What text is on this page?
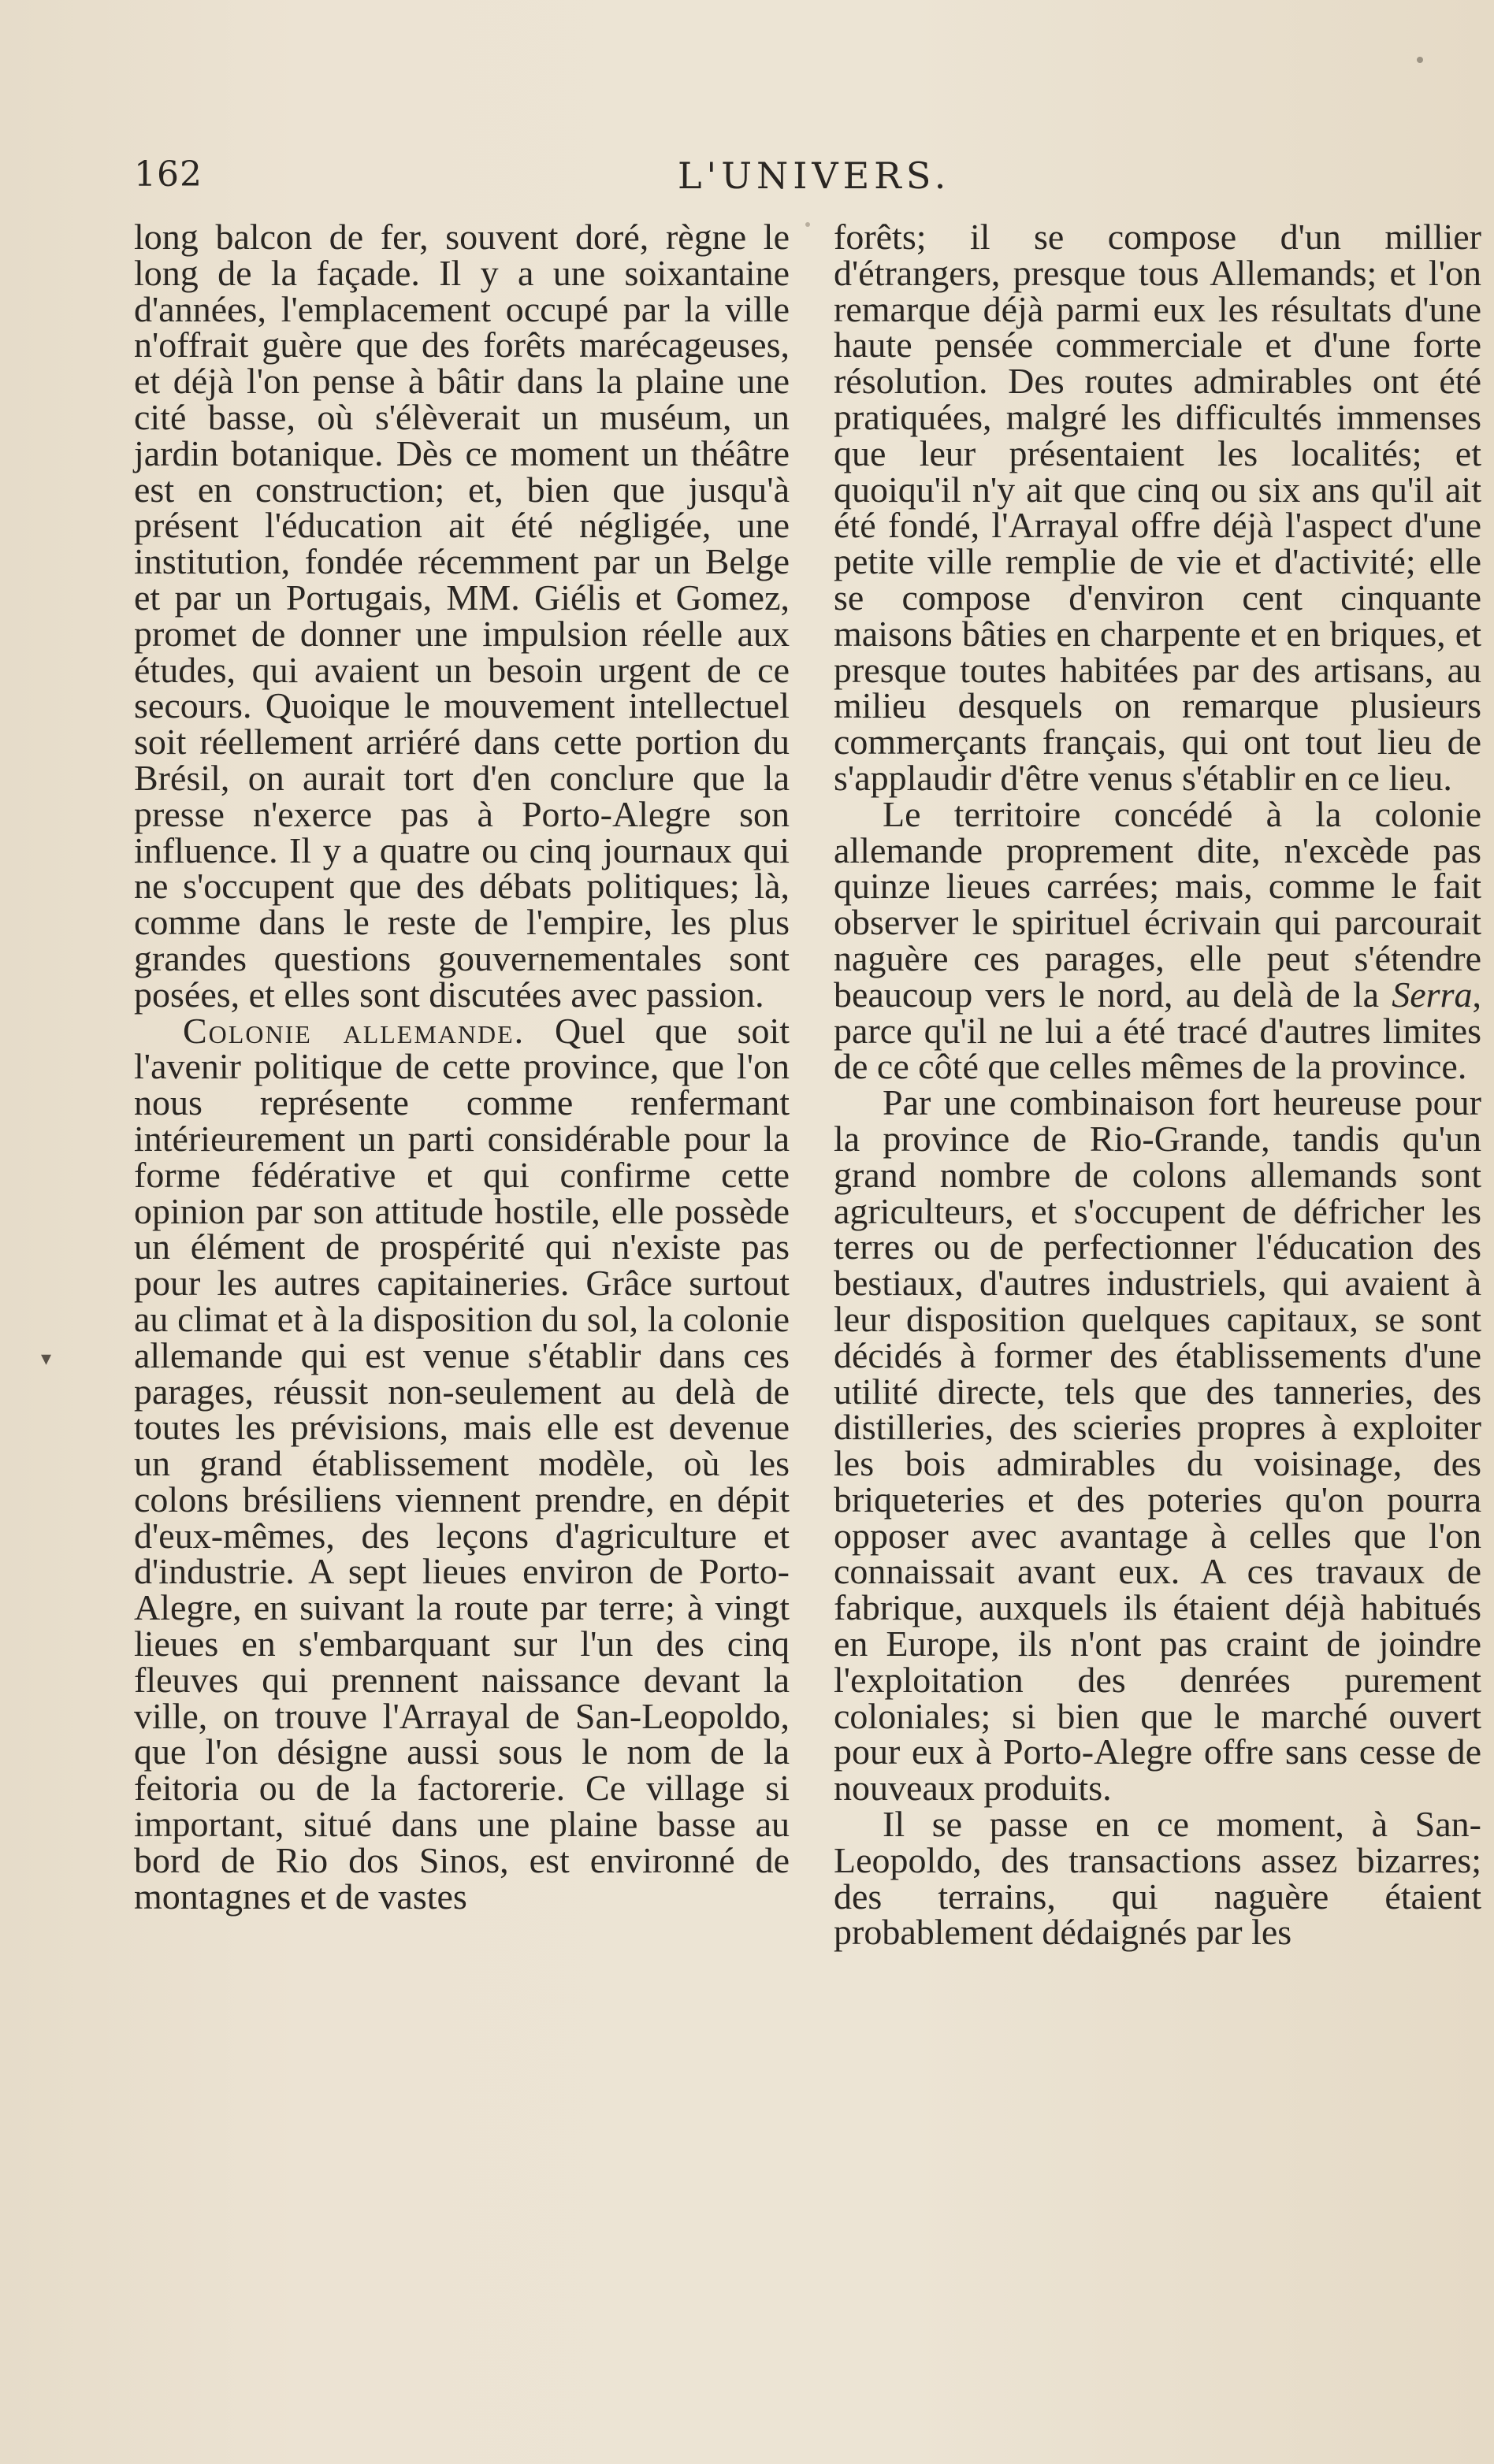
▾
162	L'UNIVERS.

long balcon de fer, souvent doré, règne le long de la façade. Il y a une soixantaine d'années, l'emplacement occupé par la ville n'offrait guère que des forêts marécageuses, et déjà l'on pense à bâtir dans la plaine une cité basse, où s'élèverait un muséum, un jardin botanique. Dès ce moment un théâtre est en construction; et, bien que jusqu'à présent l'éducation ait été négligée, une institution, fondée récemment par un Belge et par un Portugais, MM. Giélis et Gomez, promet de donner une impulsion réelle aux études, qui avaient un besoin urgent de ce secours. Quoique le mouvement intellectuel soit réellement arriéré dans cette portion du Brésil, on aurait tort d'en conclure que la presse n'exerce pas à Porto-Alegre son influence. Il y a quatre ou cinq journaux qui ne s'occupent que des débats politiques; là, comme dans le reste de l'empire, les plus grandes questions gouvernementales sont posées, et elles sont discutées avec passion.

Colonie allemande. Quel que soit l'avenir politique de cette province, que l'on nous représente comme renfermant intérieurement un parti considérable pour la forme fédérative et qui confirme cette opinion par son attitude hostile, elle possède un élément de prospérité qui n'existe pas pour les autres capitaineries. Grâce surtout au climat et à la disposition du sol, la colonie allemande qui est venue s'établir dans ces parages, réussit non-seulement au delà de toutes les prévisions, mais elle est devenue un grand établissement modèle, où les colons brésiliens viennent prendre, en dépit d'eux-mêmes, des leçons d'agriculture et d'industrie. A sept lieues environ de Porto-Alegre, en suivant la route par terre; à vingt lieues en s'embarquant sur l'un des cinq fleuves qui prennent naissance devant la ville, on trouve l'Arrayal de San-Leopoldo, que l'on désigne aussi sous le nom de la feitoria ou de la factorerie. Ce village si important, situé dans une plaine basse au bord de Rio dos Sinos, est environné de montagnes et de vastes

forêts; il se compose d'un millier d'étrangers, presque tous Allemands; et l'on remarque déjà parmi eux les résultats d'une haute pensée commerciale et d'une forte résolution. Des routes admirables ont été pratiquées, malgré les difficultés immenses que leur présentaient les localités; et quoiqu'il n'y ait que cinq ou six ans qu'il ait été fondé, l'Arrayal offre déjà l'aspect d'une petite ville remplie de vie et d'activité; elle se compose d'environ cent cinquante maisons bâties en charpente et en briques, et presque toutes habitées par des artisans, au milieu desquels on remarque plusieurs commerçants français, qui ont tout lieu de s'applaudir d'être venus s'établir en ce lieu.

Le territoire concédé à la colonie allemande proprement dite, n'excède pas quinze lieues carrées; mais, comme le fait observer le spirituel écrivain qui parcourait naguère ces parages, elle peut s'étendre beaucoup vers le nord, au delà de la Serra, parce qu'il ne lui a été tracé d'autres limites de ce côté que celles mêmes de la province.

Par une combinaison fort heureuse pour la province de Rio-Grande, tandis qu'un grand nombre de colons allemands sont agriculteurs, et s'occupent de défricher les terres ou de perfectionner l'éducation des bestiaux, d'autres industriels, qui avaient à leur disposition quelques capitaux, se sont décidés à former des établissements d'une utilité directe, tels que des tanneries, des distilleries, des scieries propres à exploiter les bois admirables du voisinage, des briqueteries et des poteries qu'on pourra opposer avec avantage à celles que l'on connaissait avant eux. A ces travaux de fabrique, auxquels ils étaient déjà habitués en Europe, ils n'ont pas craint de joindre l'exploitation des denrées purement coloniales; si bien que le marché ouvert pour eux à Porto-Alegre offre sans cesse de nouveaux produits.

Il se passe en ce moment, à San-Leopoldo, des transactions assez bizarres; des terrains, qui naguère étaient probablement dédaignés par les
